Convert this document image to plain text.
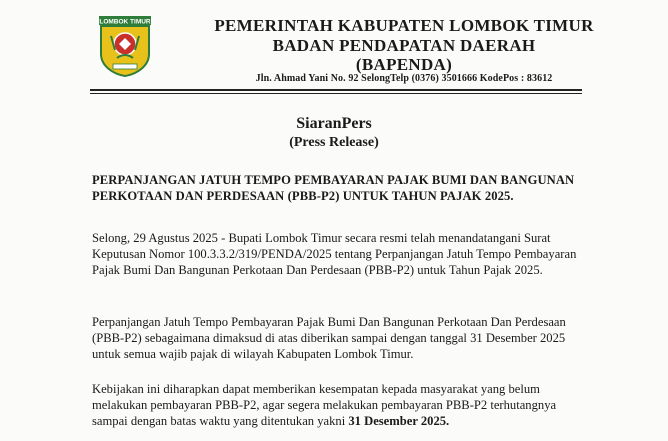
LOMBOK TIMUR	PEMERINTAH KABUPATEN LOMBOK TIMUR
BADAN PENDAPATAN DAERAH
(BAPENDA)
Jln. Ahmad Yani No. 92 SelongTelp (0376) 3501666 KodePos : 83612
SiaranPers
(Press Release)
PERPANJANGAN JATUH TEMPO PEMBAYARAN PAJAK BUMI DAN BANGUNAN PERKOTAAN DAN PERDESAAN (PBB-P2) UNTUK TAHUN PAJAK 2025.

Selong, 29 Agustus 2025 - Bupati Lombok Timur secara resmi telah menandatangani Surat Keputusan Nomor 100.3.3.2/319/PENDA/2025 tentang Perpanjangan Jatuh Tempo Pembayaran Pajak Bumi Dan Bangunan Perkotaan Dan Perdesaan (PBB-P2) untuk Tahun Pajak 2025.

Perpanjangan Jatuh Tempo Pembayaran Pajak Bumi Dan Bangunan Perkotaan Dan Perdesaan (PBB-P2) sebagaimana dimaksud di atas diberikan sampai dengan tanggal 31 Desember 2025 untuk semua wajib pajak di wilayah Kabupaten Lombok Timur.

Kebijakan ini diharapkan dapat memberikan kesempatan kepada masyarakat yang belum melakukan pembayaran PBB-P2, agar segera melakukan pembayaran PBB-P2 terhutangnya sampai dengan batas waktu yang ditentukan yakni 31 Desember 2025.
